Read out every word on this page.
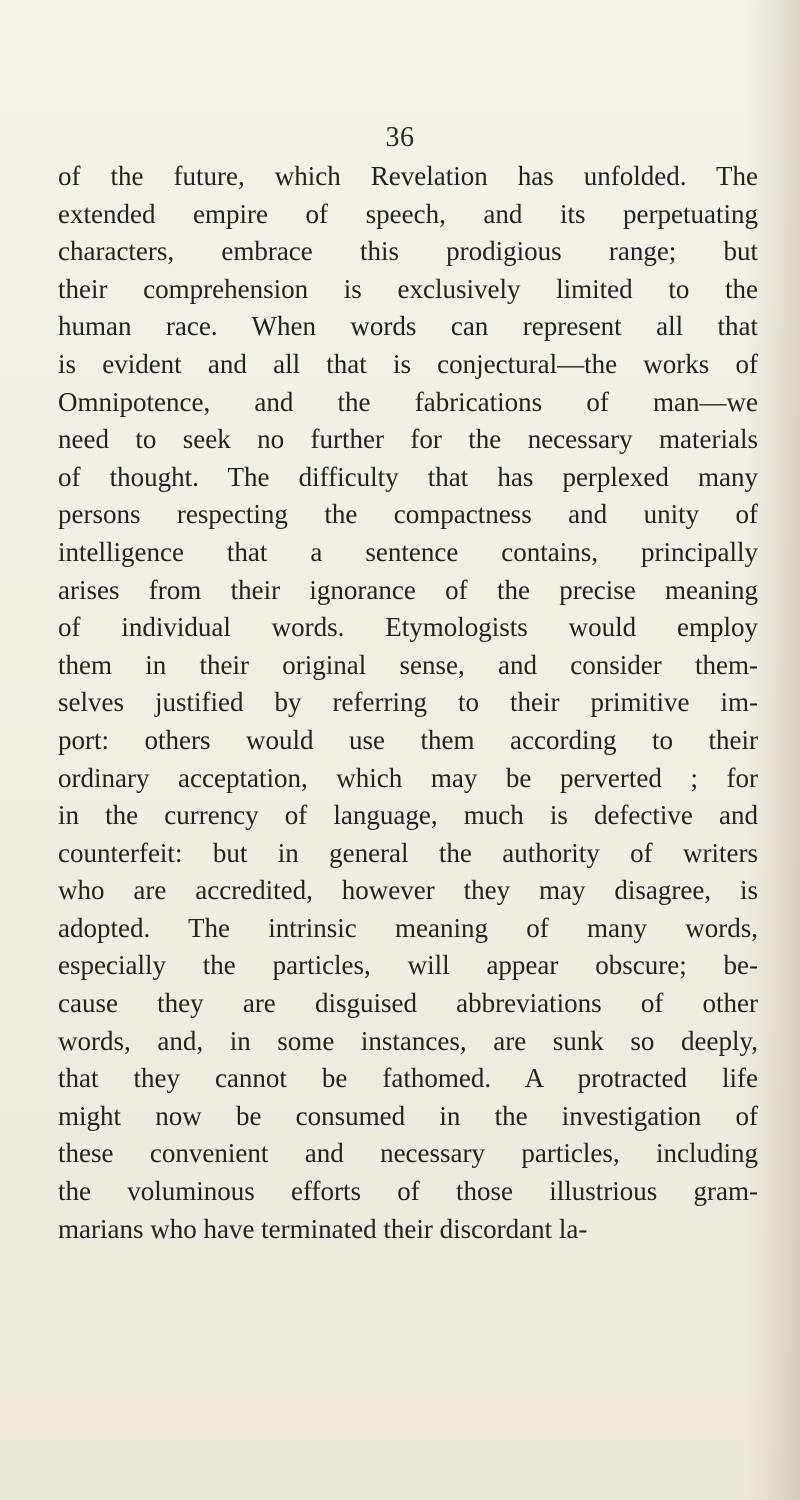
36
of the future, which Revelation has unfolded. The
extended empire of speech, and its perpetuating
characters, embrace this prodigious range; but
their comprehension is exclusively limited to the
human race. When words can represent all that
is evident and all that is conjectural—the works of
Omnipotence, and the fabrications of man—we
need to seek no further for the necessary materials
of thought. The difficulty that has perplexed many
persons respecting the compactness and unity of
intelligence that a sentence contains, principally
arises from their ignorance of the precise meaning
of individual words. Etymologists would employ
them in their original sense, and consider them-
selves justified by referring to their primitive im-
port: others would use them according to their
ordinary acceptation, which may be perverted ; for
in the currency of language, much is defective and
counterfeit: but in general the authority of writers
who are accredited, however they may disagree, is
adopted. The intrinsic meaning of many words,
especially the particles, will appear obscure; be-
cause they are disguised abbreviations of other
words, and, in some instances, are sunk so deeply,
that they cannot be fathomed. A protracted life
might now be consumed in the investigation of
these convenient and necessary particles, including
the voluminous efforts of those illustrious gram-
marians who have terminated their discordant la-
